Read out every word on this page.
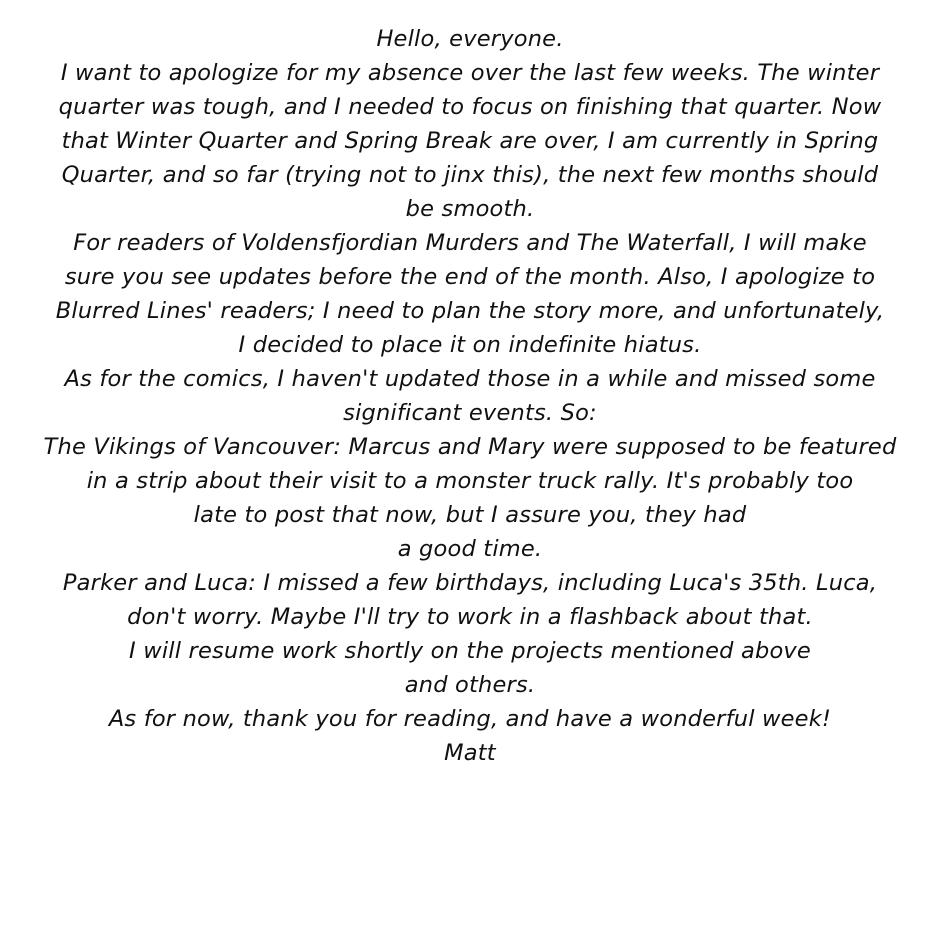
Hello, everyone.
I want to apologize for my absence over the last few weeks. The winter
quarter was tough, and I needed to focus on finishing that quarter. Now
that Winter Quarter and Spring Break are over, I am currently in Spring
Quarter, and so far (trying not to jinx this), the next few months should
be smooth.
For readers of Voldensfjordian Murders and The Waterfall, I will make
sure you see updates before the end of the month. Also, I apologize to
Blurred Lines' readers; I need to plan the story more, and unfortunately,
I decided to place it on indefinite hiatus.
As for the comics, I haven't updated those in a while and missed some
significant events. So:
The Vikings of Vancouver: Marcus and Mary were supposed to be featured
in a strip about their visit to a monster truck rally. It's probably too
late to post that now, but I assure you, they had
a good time.
Parker and Luca: I missed a few birthdays, including Luca's 35th. Luca,
don't worry. Maybe I'll try to work in a flashback about that.
I will resume work shortly on the projects mentioned above
and others.
As for now, thank you for reading, and have a wonderful week!
Matt
